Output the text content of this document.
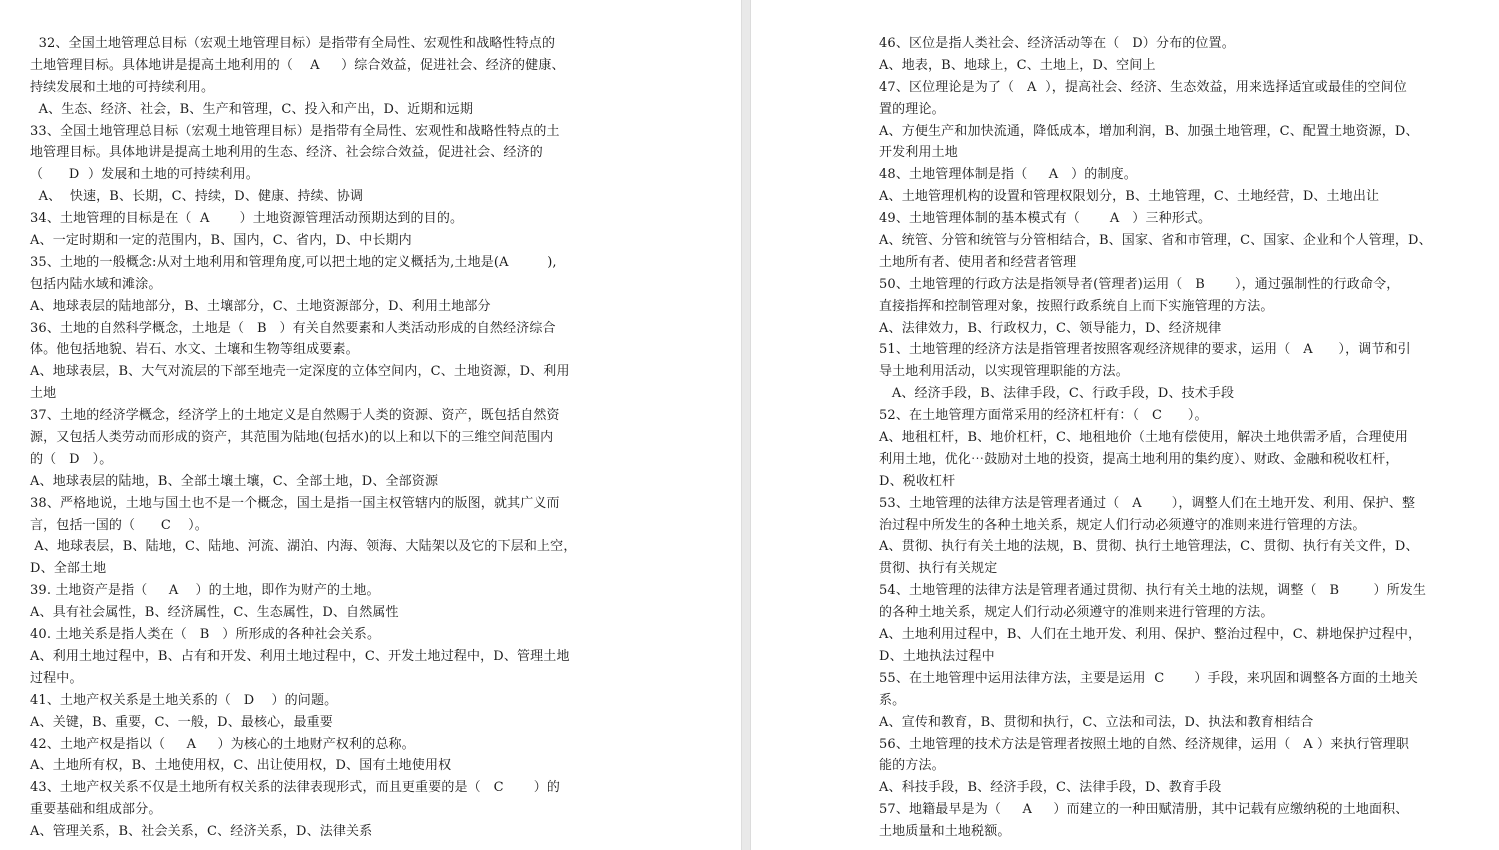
32、全国土地管理总目标（宏观土地管理目标）是指带有全局性、宏观性和战略性特点的
土地管理目标。具体地讲是提高土地利用的（    A     ）综合效益，促进社会、经济的健康、
持续发展和土地的可持续利用。
A、生态、经济、社会，B、生产和管理，C、投入和产出，D、近期和远期
33、全国土地管理总目标（宏观土地管理目标）是指带有全局性、宏观性和战略性特点的土
地管理目标。具体地讲是提高土地利用的生态、经济、社会综合效益，促进社会、经济的
（      D  ）发展和土地的可持续利用。
A、  快速，B、长期，C、持续，D、健康、持续、协调
34、土地管理的目标是在（  A       ）土地资源管理活动预期达到的目的。
A、一定时期和一定的范围内，B、国内，C、省内，D、中长期内
35、土地的一般概念:从对土地利用和管理角度,可以把土地的定义概括为,土地是(A         ),
包括内陆水域和滩涂。
A、地球表层的陆地部分，B、土壤部分，C、土地资源部分，D、利用土地部分
36、土地的自然科学概念，土地是（   B   ）有关自然要素和人类活动形成的自然经济综合
体。他包括地貌、岩石、水文、土壤和生物等组成要素。
A、地球表层，B、大气对流层的下部至地壳一定深度的立体空间内，C、土地资源，D、利用
土地
37、土地的经济学概念，经济学上的土地定义是自然赐于人类的资源、资产，既包括自然资
源，又包括人类劳动而形成的资产，其范围为陆地(包括水)的以上和以下的三维空间范围内
的（   D   ）。
A、地球表层的陆地，B、全部土壤土壤，C、全部土地，D、全部资源
38、严格地说，土地与国土也不是一个概念，国土是指一国主权管辖内的版图，就其广义而
言，包括一国的（      C    ）。
A、地球表层，B、陆地，C、陆地、河流、湖泊、内海、领海、大陆架以及它的下层和上空，
D、全部土地
39. 土地资产是指（     A    ）的土地，即作为财产的土地。
A、具有社会属性，B、经济属性，C、生态属性，D、自然属性
40. 土地关系是指人类在（   B   ）所形成的各种社会关系。
A、利用土地过程中，B、占有和开发、利用土地过程中，C、开发土地过程中，D、管理土地
过程中。
41、土地产权关系是土地关系的（   D    ）的问题。
A、关键，B、重要，C、一般，D、最核心，最重要
42、土地产权是指以（     A     ）为核心的土地财产权利的总称。
A、土地所有权，B、土地使用权，C、出让使用权，D、国有土地使用权
43、土地产权关系不仅是土地所有权关系的法律表现形式，而且更重要的是（   C       ）的
重要基础和组成部分。
A、管理关系，B、社会关系，C、经济关系，D、法律关系
46、区位是指人类社会、经济活动等在（   D）分布的位置。
A、地表，B、地球上，C、土地上，D、空间上
47、区位理论是为了（   A  ），提高社会、经济、生态效益，用来选择适宜或最佳的空间位
置的理论。
A、方便生产和加快流通，降低成本，增加利润，B、加强土地管理，C、配置土地资源，D、
开发利用土地
48、土地管理体制是指（     A   ）的制度。
A、土地管理机构的设置和管理权限划分，B、土地管理，C、土地经营，D、土地出让
49、土地管理体制的基本模式有（       A   ）三种形式。
A、统管、分管和统管与分管相结合，B、国家、省和市管理，C、国家、企业和个人管理，D、
土地所有者、使用者和经营者管理
50、土地管理的行政方法是指领导者(管理者)运用（   B       ），通过强制性的行政命令，
直接指挥和控制管理对象，按照行政系统自上而下实施管理的方法。
A、法律效力，B、行政权力，C、领导能力，D、经济规律
51、土地管理的经济方法是指管理者按照客观经济规律的要求，运用（   A      ），调节和引
导土地利用活动，以实现管理职能的方法。
A、经济手段，B、法律手段，C、行政手段，D、技术手段
52、在土地管理方面常采用的经济杠杆有：（   C      ）。
A、地租杠杆，B、地价杠杆，C、地租地价（土地有偿使用，解决土地供需矛盾，合理使用
利用土地，优化⋯鼓励对土地的投资，提高土地利用的集约度）、财政、金融和税收杠杆，
D、税收杠杆
53、土地管理的法律方法是管理者通过（   A       ），调整人们在土地开发、利用、保护、整
治过程中所发生的各种土地关系，规定人们行动必须遵守的准则来进行管理的方法。
A、贯彻、执行有关土地的法规，B、贯彻、执行土地管理法，C、贯彻、执行有关文件，D、
贯彻、执行有关规定
54、土地管理的法律方法是管理者通过贯彻、执行有关土地的法规，调整（   B        ）所发生
的各种土地关系，规定人们行动必须遵守的准则来进行管理的方法。
A、土地利用过程中，B、人们在土地开发、利用、保护、整治过程中，C、耕地保护过程中，
D、土地执法过程中
55、在土地管理中运用法律方法，主要是运用  C       ）手段，来巩固和调整各方面的土地关
系。
A、宣传和教育，B、贯彻和执行，C、立法和司法，D、执法和教育相结合
56、土地管理的技术方法是管理者按照土地的自然、经济规律，运用（   A ）来执行管理职
能的方法。
A、科技手段，B、经济手段，C、法律手段，D、教育手段
57、地籍最早是为（     A     ）而建立的一种田赋清册，其中记载有应缴纳税的土地面积、
土地质量和土地税额。
